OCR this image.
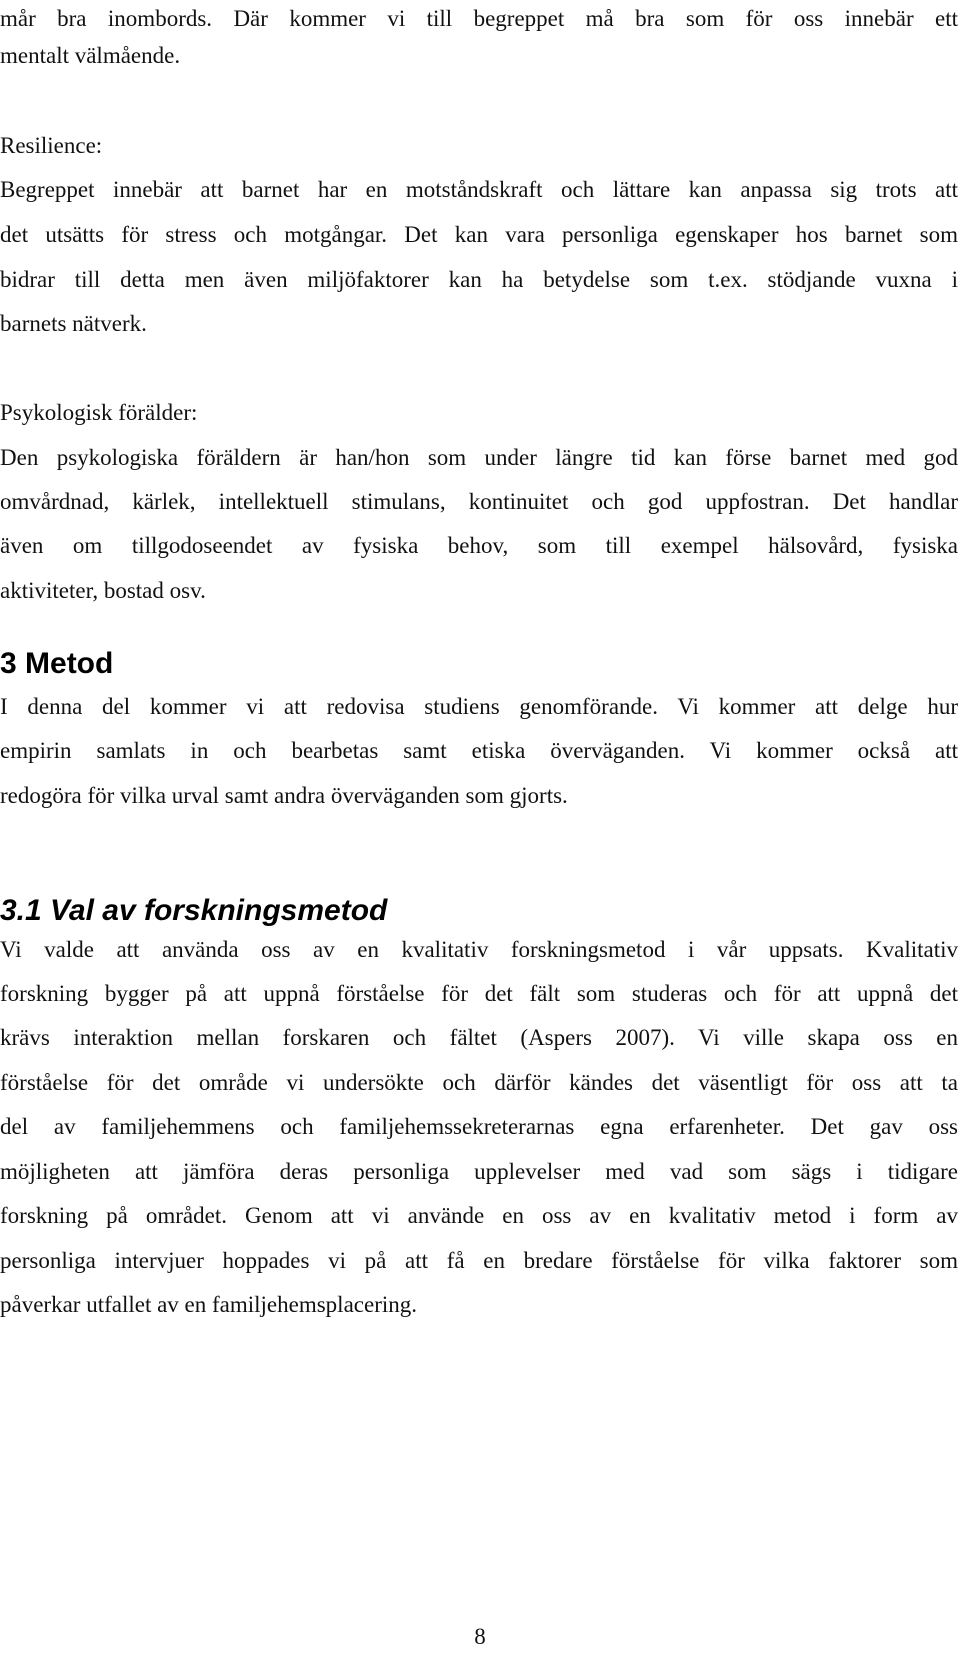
mår bra inombords. Där kommer vi till begreppet må bra som för oss innebär ett
mentalt välmående.
Resilience:
Begreppet innebär att barnet har en motståndskraft och lättare kan anpassa sig trots att
det utsätts för stress och motgångar. Det kan vara personliga egenskaper hos barnet som
bidrar till detta men även miljöfaktorer kan ha betydelse som t.ex. stödjande vuxna i
barnets nätverk.
Psykologisk förälder:
Den psykologiska föräldern är han/hon som under längre tid kan förse barnet med god
omvårdnad, kärlek, intellektuell stimulans, kontinuitet och god uppfostran. Det handlar
även om tillgodoseendet av fysiska behov, som till exempel hälsovård, fysiska
aktiviteter, bostad osv.
3 Metod
I denna del kommer vi att redovisa studiens genomförande. Vi kommer att delge hur
empirin samlats in och bearbetas samt etiska överväganden. Vi kommer också att
redogöra för vilka urval samt andra överväganden som gjorts.
3.1 Val av forskningsmetod
Vi valde att använda oss av en kvalitativ forskningsmetod i vår uppsats. Kvalitativ
forskning bygger på att uppnå förståelse för det fält som studeras och för att uppnå det
krävs interaktion mellan forskaren och fältet (Aspers 2007). Vi ville skapa oss en
förståelse för det område vi undersökte och därför kändes det väsentligt för oss att ta
del av familjehemmens och familjehemssekreterarnas egna erfarenheter. Det gav oss
möjligheten att jämföra deras personliga upplevelser med vad som sägs i tidigare
forskning på området. Genom att vi använde en oss av en kvalitativ metod i form av
personliga intervjuer hoppades vi på att få en bredare förståelse för vilka faktorer som
påverkar utfallet av en familjehemsplacering.
8
